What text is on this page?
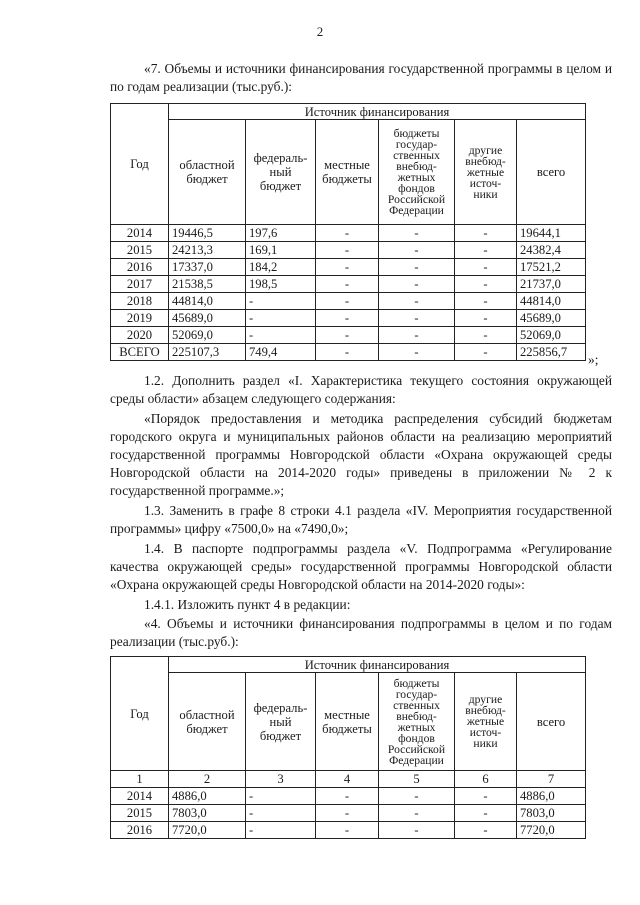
2

«7. Объемы и источники финансирования государственной программы в целом и по годам реализации (тыс.руб.):

Год	Источник финансирования					
	областной бюджет	федераль-ный бюджет	местные бюджеты	бюджеты государ-ственных внебюд-жетных фондов Российской Федерации	другие внебюд-жетные источ-ники	всего
2014	19446,5	197,6	-	-	-	19644,1
2015	24213,3	169,1	-	-	-	24382,4
2016	17337,0	184,2	-	-	-	17521,2
2017	21538,5	198,5	-	-	-	21737,0
2018	44814,0	-	-	-	-	44814,0
2019	45689,0	-	-	-	-	45689,0
2020	52069,0	-	-	-	-	52069,0
ВСЕГО	225107,3	749,4	-	-	-	225856,7 »;

1.2. Дополнить раздел «I. Характеристика текущего состояния окружающей среды области» абзацем следующего содержания:

«Порядок предоставления и методика распределения субсидий бюджетам городского округа и муниципальных районов области на реализацию мероприятий государственной программы Новгородской области «Охрана окружающей среды Новгородской области на 2014-2020 годы» приведены в приложении № 2 к государственной программе.»;

1.3. Заменить в графе 8 строки 4.1 раздела «IV. Мероприятия государственной программы» цифру «7500,0» на «7490,0»;

1.4. В паспорте подпрограммы раздела «V. Подпрограмма «Регулирование качества окружающей среды» государственной программы Новгородской области «Охрана окружающей среды Новгородской области на 2014-2020 годы»:

1.4.1. Изложить пункт 4 в редакции:

«4. Объемы и источники финансирования подпрограммы в целом и по годам реализации (тыс.руб.):

Год	Источник финансирования					
	областной бюджет	федераль-ный бюджет	местные бюджеты	бюджеты государ-ственных внебюд-жетных фондов Российской Федерации	другие внебюд-жетные источ-ники	всего
1	2	3	4	5	6	7
2014	4886,0	-	-	-	-	4886,0
2015	7803,0	-	-	-	-	7803,0
2016	7720,0	-	-	-	-	7720,0
